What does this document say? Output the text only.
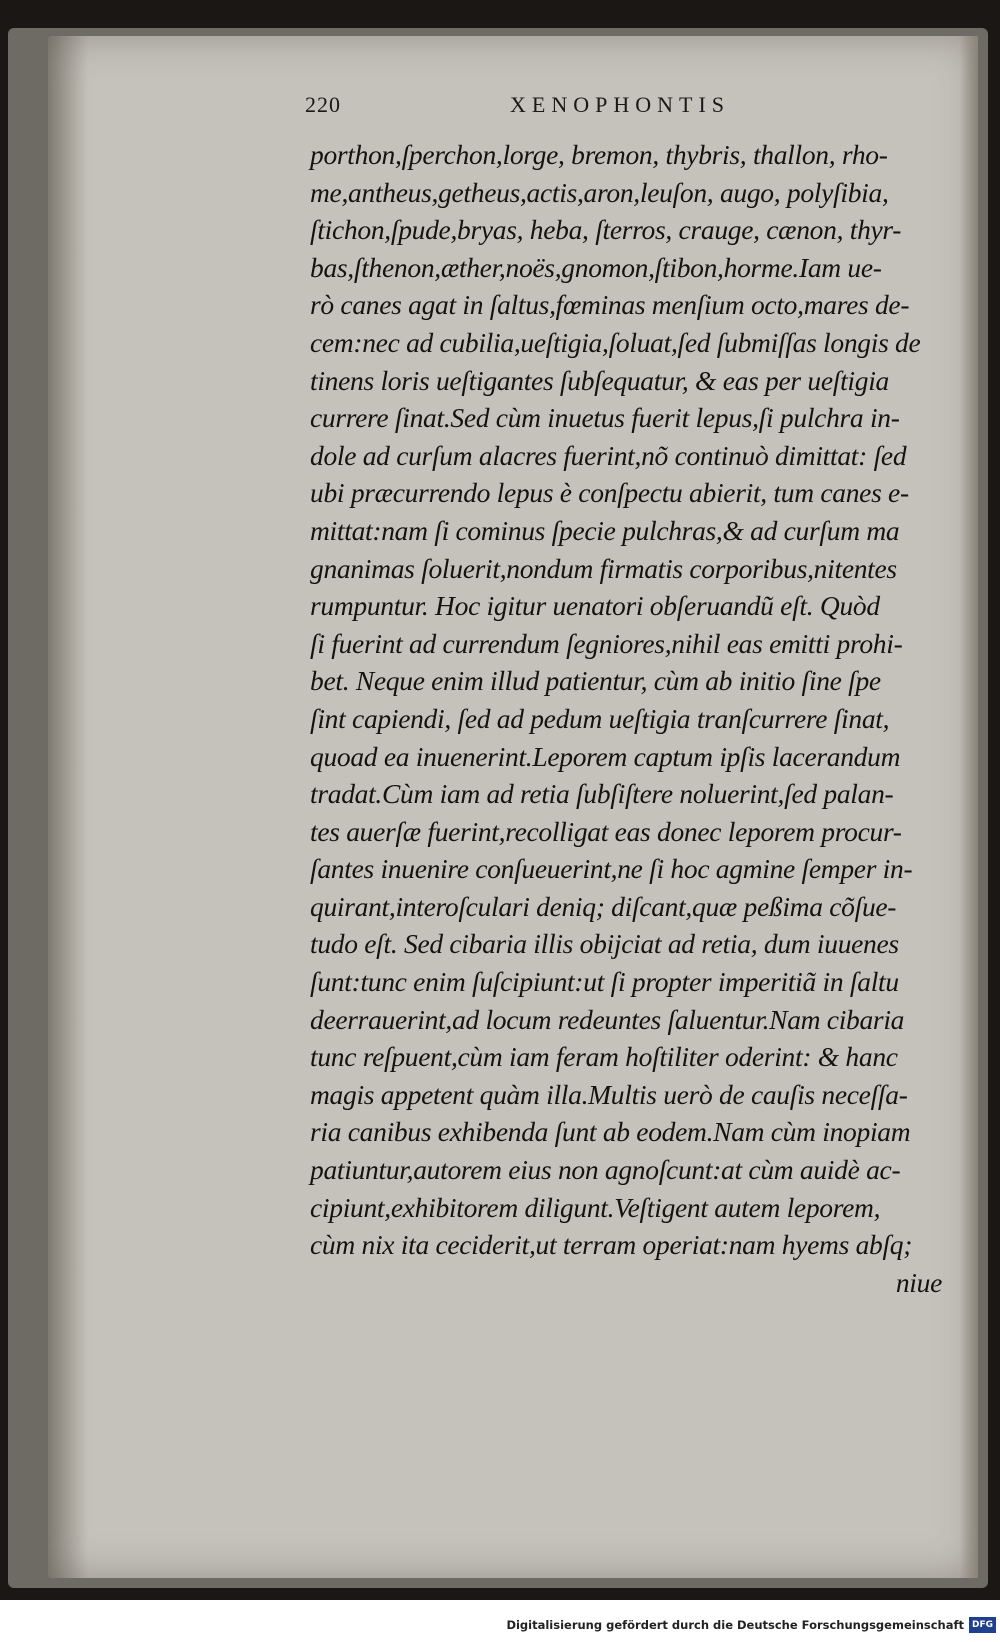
220	XENOPHONTIS
porthon,ſperchon,lorge, bremon, thybris, thallon, rho-
me,antheus,getheus,actis,aron,leuſon, augo, polyſibia,
ſtichon,ſpude,bryas, heba, ſterros, crauge, cænon, thyr-
bas,ſthenon,æther,noës,gnomon,ſtibon,horme.Iam ue-
rò canes agat in ſaltus,fœminas menſium octo,mares de-
cem:nec ad cubilia,ueſtigia,ſoluat,ſed ſubmiſſas longis de
tinens loris ueſtigantes ſubſequatur, & eas per ueſtigia
currere ſinat.Sed cùm inuetus fuerit lepus,ſi pulchra in-
dole ad curſum alacres fuerint,nõ continuò dimittat: ſed
ubi præcurrendo lepus è conſpectu abierit, tum canes e-
mittat:nam ſi cominus ſpecie pulchras,& ad curſum ma
gnanimas ſoluerit,nondum firmatis corporibus,nitentes
rumpuntur. Hoc igitur uenatori obſeruandũ eſt. Quòd
ſi fuerint ad currendum ſegniores,nihil eas emitti prohi-
bet. Neque enim illud patientur, cùm ab initio ſine ſpe
ſint capiendi, ſed ad pedum ueſtigia tranſcurrere ſinat,
quoad ea inuenerint.Leporem captum ipſis lacerandum
tradat.Cùm iam ad retia ſubſiſtere noluerint,ſed palan-
tes auerſæ fuerint,recolligat eas donec leporem procur-
ſantes inuenire conſueuerint,ne ſi hoc agmine ſemper in-
quirant,interoſculari deniq; diſcant,quæ peßima cõſue-
tudo eſt. Sed cibaria illis obijciat ad retia, dum iuuenes
ſunt:tunc enim ſuſcipiunt:ut ſi propter imperitiã in ſaltu
deerrauerint,ad locum redeuntes ſaluentur.Nam cibaria
tunc reſpuent,cùm iam feram hoſtiliter oderint: & hanc
magis appetent quàm illa.Multis uerò de cauſis neceſſa-
ria canibus exhibenda ſunt ab eodem.Nam cùm inopiam
patiuntur,autorem eius non agnoſcunt:at cùm auidè ac-
cipiunt,exhibitorem diligunt.Veſtigent autem leporem,
cùm nix ita ceciderit,ut terram operiat:nam hyems abſq;
niue
Digitalisierung gefördert durch die Deutsche Forschungsgemeinschaft DFG
